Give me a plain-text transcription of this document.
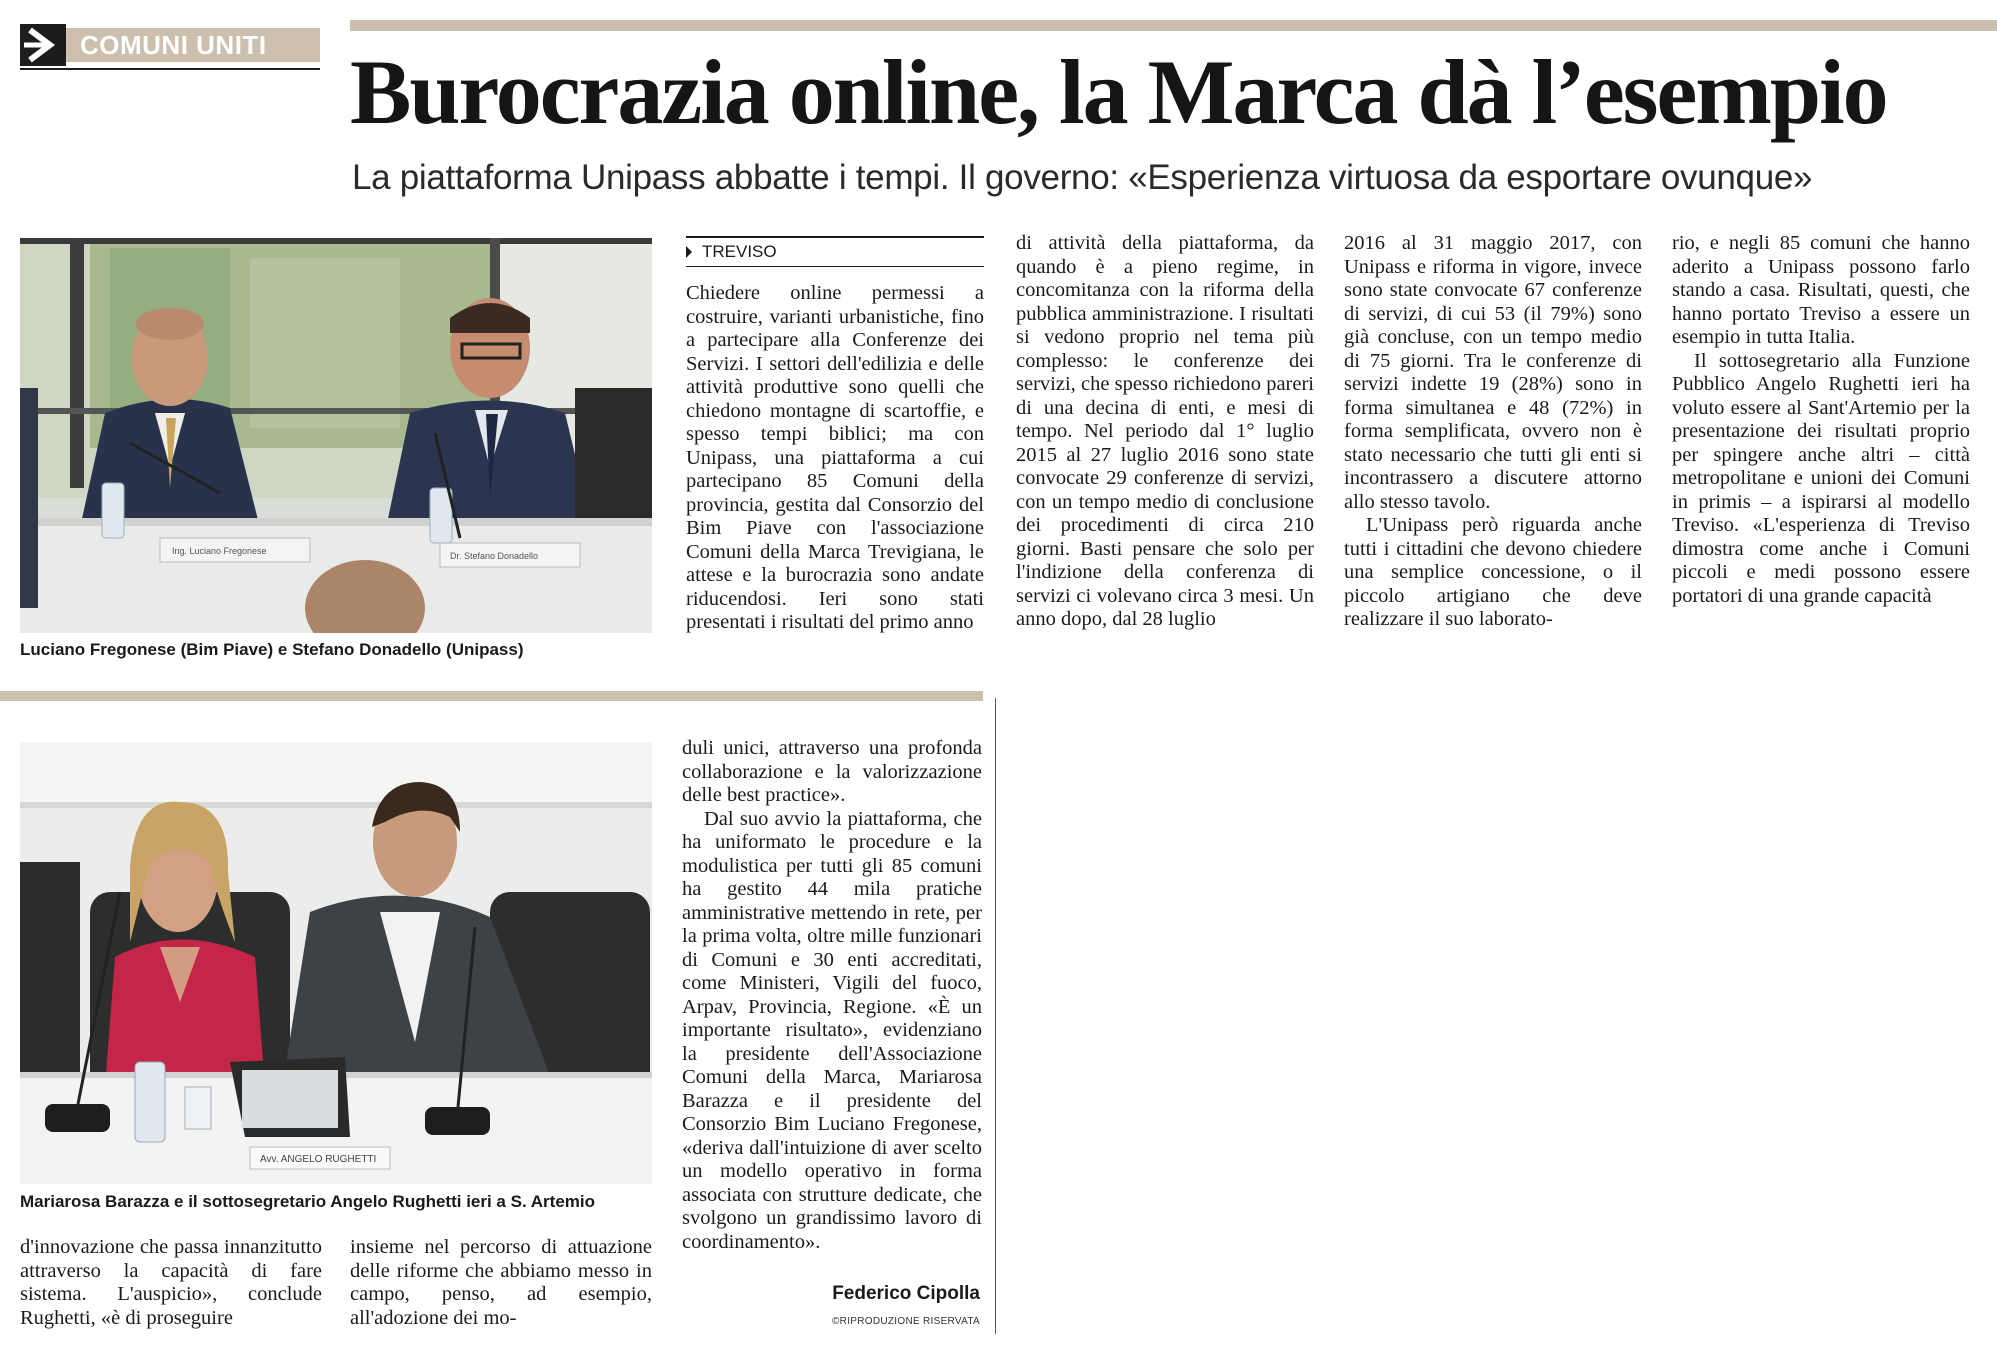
COMUNI UNITI Burocrazia online, la Marca dà l’esempio
La piattaforma Unipass abbatte i tempi. Il governo: «Esperienza virtuosa da esportare ovunque»
Ing. Luciano Fregonese	Dr. Stefano Donadello
Luciano Fregonese (Bim Piave) e Stefano Donadello (Unipass)
TREVISO

Chiedere online permessi a costruire, varianti urbanistiche, fino a partecipare alla Conferenze dei Servizi. I settori dell'edilizia e delle attività produttive sono quelli che chiedono montagne di scartoffie, e spesso tempi biblici; ma con Unipass, una piattaforma a cui partecipano 85 Comuni della provincia, gestita dal Consorzio del Bim Piave con l'associazione Comuni della Marca Trevigiana, le attese e la burocrazia sono andate riducendosi. Ieri sono stati presentati i risultati del primo anno

di attività della piattaforma, da quando è a pieno regime, in concomitanza con la riforma della pubblica amministrazione. I risultati si vedono proprio nel tema più complesso: le conferenze dei servizi, che spesso richiedono pareri di una decina di enti, e mesi di tempo. Nel periodo dal 1° luglio 2015 al 27 luglio 2016 sono state convocate 29 conferenze di servizi, con un tempo medio di conclusione dei procedimenti di circa 210 giorni. Basti pensare che solo per l'indizione della conferenza di servizi ci volevano circa 3 mesi. Un anno dopo, dal 28 luglio

2016 al 31 maggio 2017, con Unipass e riforma in vigore, invece sono state convocate 67 conferenze di servizi, di cui 53 (il 79%) sono già concluse, con un tempo medio di 75 giorni. Tra le conferenze di servizi indette 19 (28%) sono in forma simultanea e 48 (72%) in forma semplificata, ovvero non è stato necessario che tutti gli enti si incontrassero a discutere attorno allo stesso tavolo.

L'Unipass però riguarda anche tutti i cittadini che devono chiedere una semplice concessione, o il piccolo artigiano che deve realizzare il suo laborato-

rio, e negli 85 comuni che hanno aderito a Unipass possono farlo stando a casa. Risultati, questi, che hanno portato Treviso a essere un esempio in tutta Italia.

Il sottosegretario alla Funzione Pubblico Angelo Rughetti ieri ha voluto essere al Sant'Artemio per la presentazione dei risultati proprio per spingere anche altri – città metropolitane e unioni dei Comuni in primis – a ispirarsi al modello Treviso. «L'esperienza di Treviso dimostra come anche i Comuni piccoli e medi possono essere portatori di una grande capacità

Avv. ANGELO RUGHETTI
Mariarosa Barazza e il sottosegretario Angelo Rughetti ieri a S. Artemio

duli unici, attraverso una profonda collaborazione e la valorizzazione delle best practice».

Dal suo avvio la piattaforma, che ha uniformato le procedure e la modulistica per tutti gli 85 comuni ha gestito 44 mila pratiche amministrative mettendo in rete, per la prima volta, oltre mille funzionari di Comuni e 30 enti accreditati, come Ministeri, Vigili del fuoco, Arpav, Provincia, Regione. «È un importante risultato», evidenziano la presidente dell'Associazione Comuni della Marca, Mariarosa Barazza e il presidente del Consorzio Bim Luciano Fregonese, «deriva dall'intuizione di aver scelto un modello operativo in forma associata con strutture dedicate, che svolgono un grandissimo lavoro di coordinamento».

d'innovazione che passa innanzitutto attraverso la capacità di fare sistema. L'auspicio», conclude Rughetti, «è di proseguire

insieme nel percorso di attuazione delle riforme che abbiamo messo in campo, penso, ad esempio, all'adozione dei mo-

Federico Cipolla
©RIPRODUZIONE RISERVATA
